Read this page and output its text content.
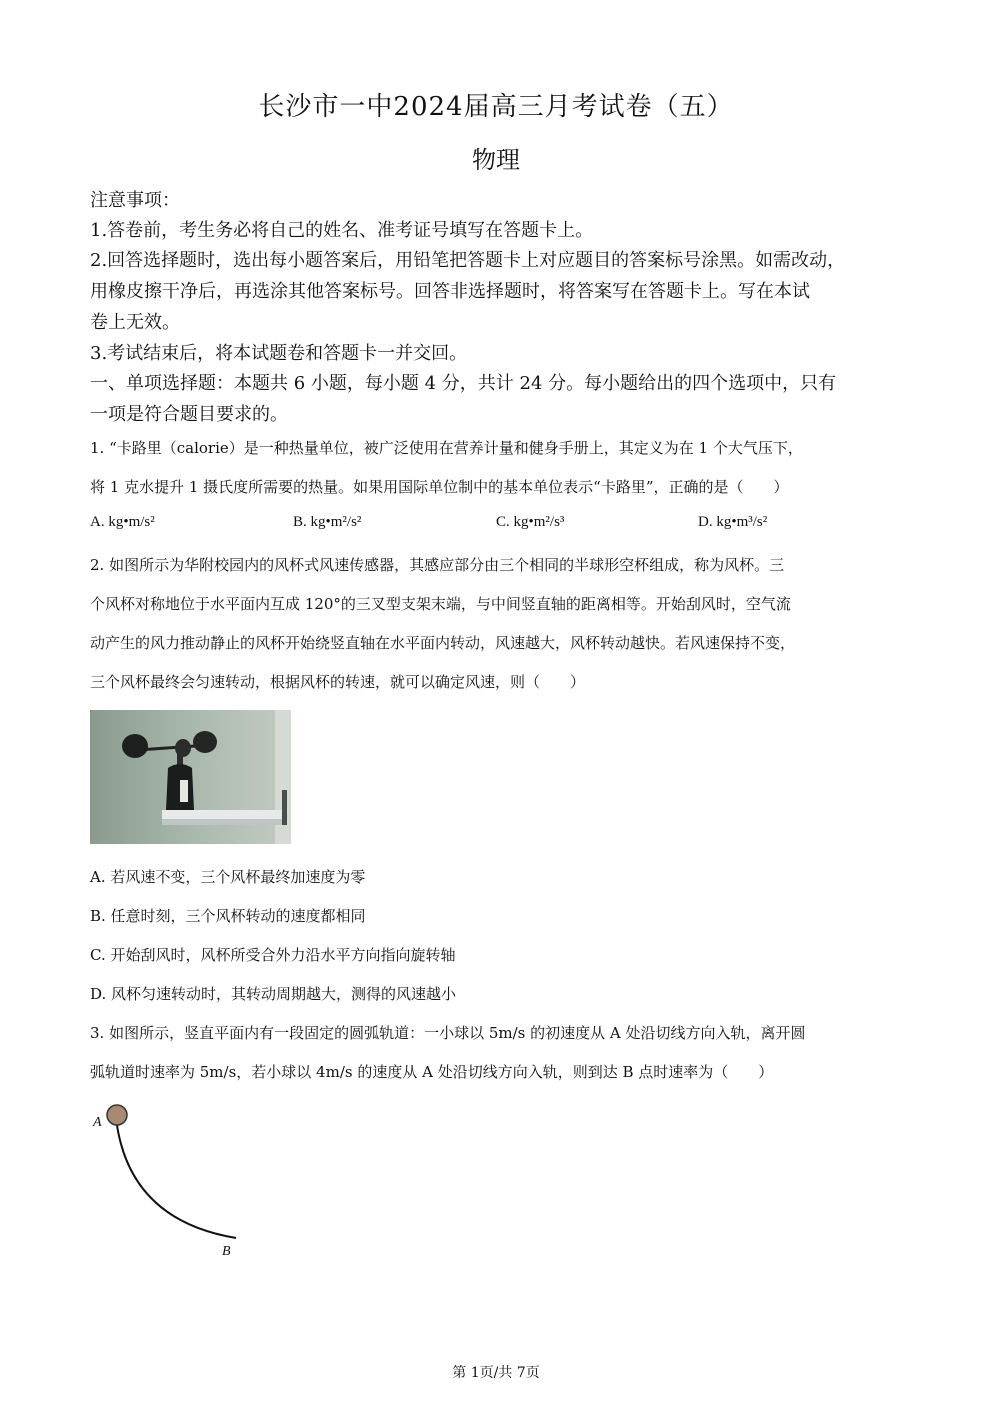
长沙市一中2024届高三月考试卷（五）
物理
注意事项：
1.答卷前，考生务必将自己的姓名、准考证号填写在答题卡上。
2.回答选择题时，选出每小题答案后，用铅笔把答题卡上对应题目的答案标号涂黑。如需改动，
用橡皮擦干净后，再选涂其他答案标号。回答非选择题时，将答案写在答题卡上。写在本试
卷上无效。
3.考试结束后，将本试题卷和答题卡一并交回。
一、单项选择题：本题共 6 小题，每小题 4 分，共计 24 分。每小题给出的四个选项中，只有
一项是符合题目要求的。
1. “卡路里（calorie）是一种热量单位，被广泛使用在营养计量和健身手册上，其定义为在 1 个大气压下，
将 1 克水提升 1 摄氏度所需要的热量。如果用国际单位制中的基本单位表示“卡路里”，正确的是（　　）
A. kg•m/s²	B. kg•m²/s²	C. kg•m²/s³	D. kg•m³/s²
2. 如图所示为华附校园内的风杯式风速传感器，其感应部分由三个相同的半球形空杯组成，称为风杯。三
个风杯对称地位于水平面内互成 120°的三叉型支架末端，与中间竖直轴的距离相等。开始刮风时，空气流
动产生的风力推动静止的风杯开始绕竖直轴在水平面内转动，风速越大，风杯转动越快。若风速保持不变，
三个风杯最终会匀速转动，根据风杯的转速，就可以确定风速，则（　　）
A. 若风速不变，三个风杯最终加速度为零
B. 任意时刻，三个风杯转动的速度都相同
C. 开始刮风时，风杯所受合外力沿水平方向指向旋转轴
D. 风杯匀速转动时，其转动周期越大，测得的风速越小
3. 如图所示，竖直平面内有一段固定的圆弧轨道：一小球以 5m/s 的初速度从 A 处沿切线方向入轨，离开圆
弧轨道时速率为 5m/s，若小球以 4m/s 的速度从 A 处沿切线方向入轨，则到达 B 点时速率为（　　）
A
B
第 1页/共 7页
